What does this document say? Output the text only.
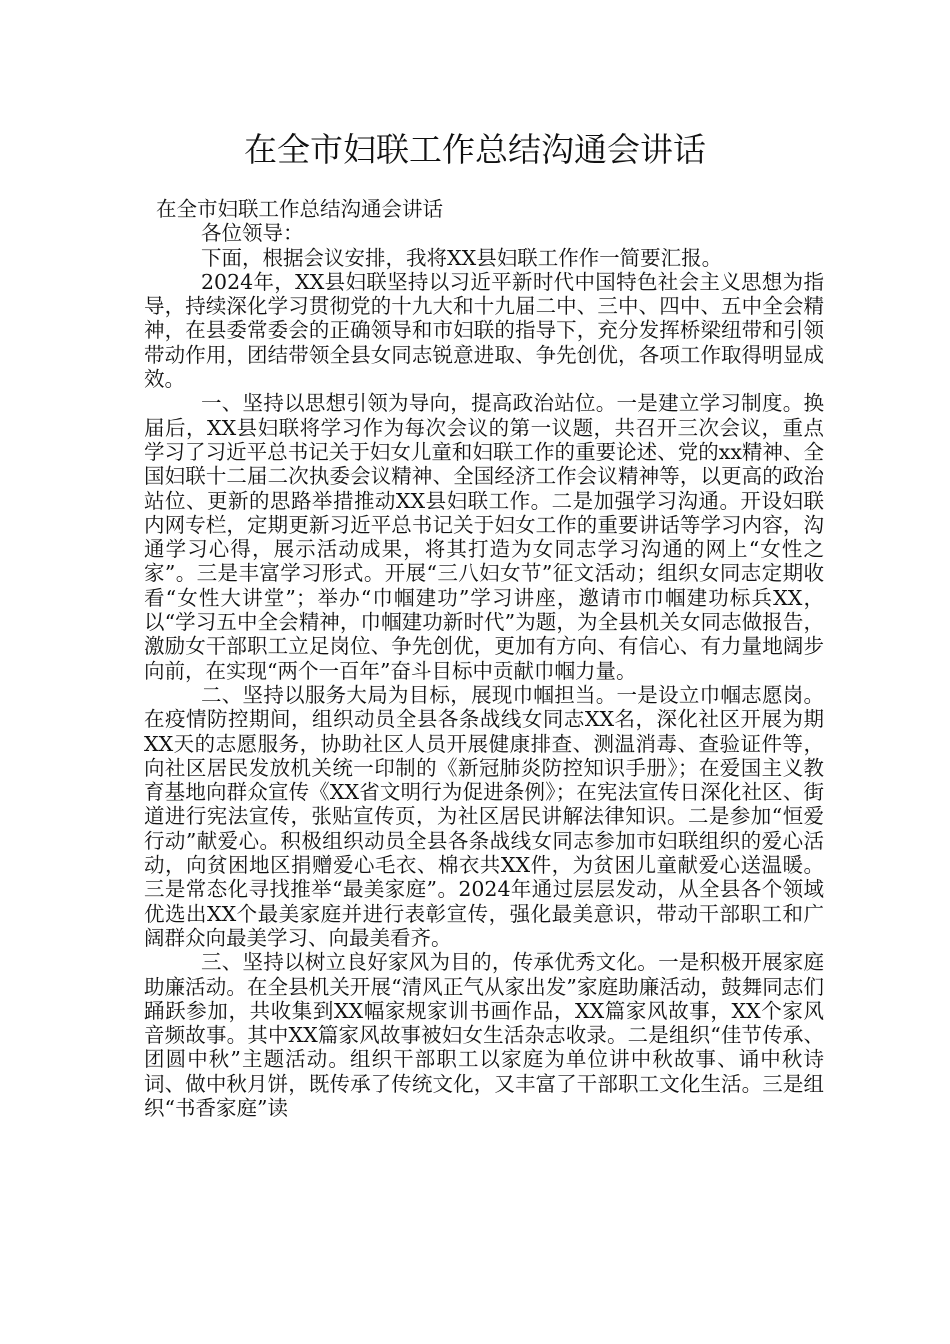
在全市妇联工作总结沟通会讲话

在全市妇联工作总结沟通会讲话

各位领导：

下面，根据会议安排，我将XX县妇联工作作一简要汇报。

2024年，XX县妇联坚持以习近平新时代中国特色社会主义思想为指导，持续深化学习贯彻党的十九大和十九届二中、三中、四中、五中全会精神，在县委常委会的正确领导和市妇联的指导下，充分发挥桥梁纽带和引领带动作用，团结带领全县女同志锐意进取、争先创优，各项工作取得明显成效。

一、坚持以思想引领为导向，提高政治站位。一是建立学习制度。换届后，XX县妇联将学习作为每次会议的第一议题，共召开三次会议，重点学习了习近平总书记关于妇女儿童和妇联工作的重要论述、党的xx精神、全国妇联十二届二次执委会议精神、全国经济工作会议精神等，以更高的政治站位、更新的思路举措推动XX县妇联工作。二是加强学习沟通。开设妇联内网专栏，定期更新习近平总书记关于妇女工作的重要讲话等学习内容，沟通学习心得，展示活动成果，将其打造为女同志学习沟通的网上“女性之家”。三是丰富学习形式。开展“三八妇女节”征文活动；组织女同志定期收看“女性大讲堂”；举办“巾帼建功”学习讲座，邀请市巾帼建功标兵XX，以“学习五中全会精神，巾帼建功新时代”为题，为全县机关女同志做报告，激励女干部职工立足岗位、争先创优，更加有方向、有信心、有力量地阔步向前，在实现“两个一百年”奋斗目标中贡献巾帼力量。

二、坚持以服务大局为目标，展现巾帼担当。一是设立巾帼志愿岗。在疫情防控期间，组织动员全县各条战线女同志XX名，深化社区开展为期XX天的志愿服务，协助社区人员开展健康排查、测温消毒、查验证件等，向社区居民发放机关统一印制的《新冠肺炎防控知识手册》；在爱国主义教育基地向群众宣传《XX省文明行为促进条例》；在宪法宣传日深化社区、街道进行宪法宣传，张贴宣传页，为社区居民讲解法律知识。二是参加“恒爱行动”献爱心。积极组织动员全县各条战线女同志参加市妇联组织的爱心活动，向贫困地区捐赠爱心毛衣、棉衣共XX件，为贫困儿童献爱心送温暖。三是常态化寻找推举“最美家庭”。2024年通过层层发动，从全县各个领域优选出XX个最美家庭并进行表彰宣传，强化最美意识，带动干部职工和广阔群众向最美学习、向最美看齐。

三、坚持以树立良好家风为目的，传承优秀文化。一是积极开展家庭助廉活动。在全县机关开展“清风正气从家出发”家庭助廉活动，鼓舞同志们踊跃参加，共收集到XX幅家规家训书画作品，XX篇家风故事，XX个家风音频故事。其中XX篇家风故事被妇女生活杂志收录。二是组织“佳节传承、团圆中秋”主题活动。组织干部职工以家庭为单位讲中秋故事、诵中秋诗词、做中秋月饼，既传承了传统文化，又丰富了干部职工文化生活。三是组织“书香家庭”读
